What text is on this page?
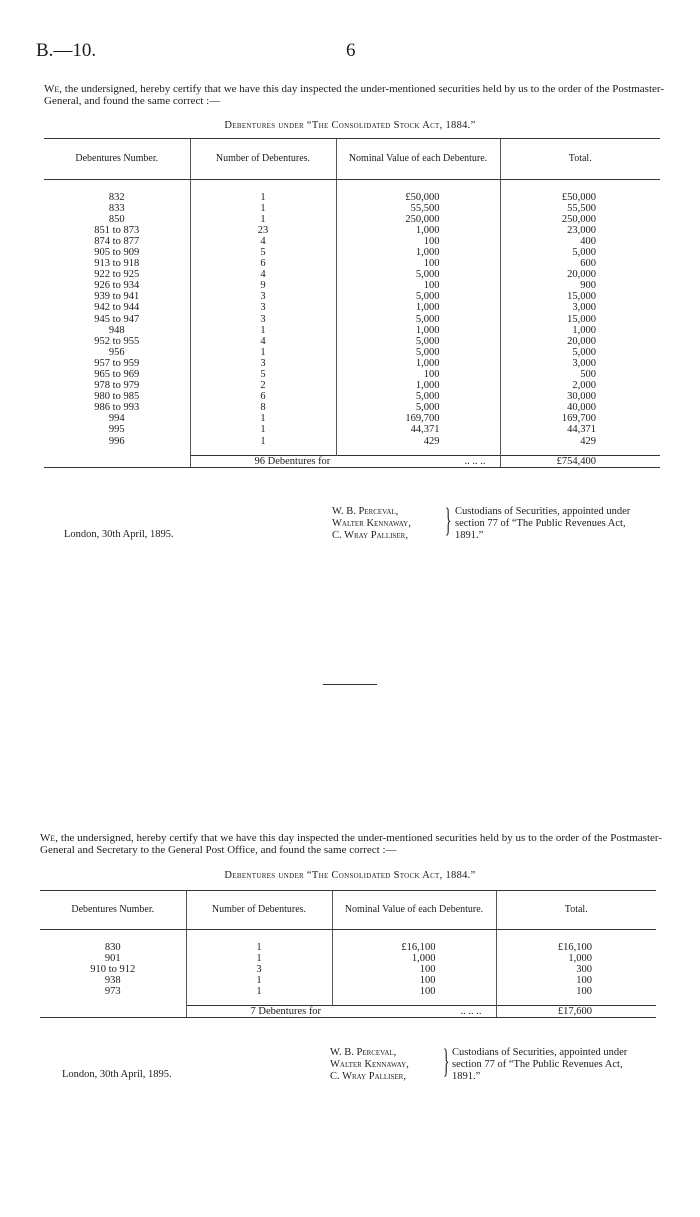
B.—10.	6
We, the undersigned, hereby certify that we have this day inspected the under-mentioned securities held by us to the order of the Postmaster-General, and found the same correct :—
Debentures under “The Consolidated Stock Act, 1884.”
Debentures Number.	Number of Debentures.	Nominal Value of each Debenture.	Total.
832	1	£50,000	£50,000
833	1	55,500	55,500
850	1	250,000	250,000
851 to 873	23	1,000	23,000
874 to 877	4	100	400
905 to 909	5	1,000	5,000
913 to 918	6	100	600
922 to 925	4	5,000	20,000
926 to 934	9	100	900
939 to 941	3	5,000	15,000
942 to 944	3	1,000	3,000
945 to 947	3	5,000	15,000
948	1	1,000	1,000
952 to 955	4	5,000	20,000
956	1	5,000	5,000
957 to 959	3	1,000	3,000
965 to 969	5	100	500
978 to 979	2	1,000	2,000
980 to 985	6	5,000	30,000
986 to 993	8	5,000	40,000
994	1	169,700	169,700
995	1	44,371	44,371
996	1	429	429
	96 Debentures for .. .. ..		£754,400
W. B. Perceval,
Walter Kennaway,
C. Wray Palliser, } Custodians of Securities, appointed under section 77 of “The Public Revenues Act, 1891.”
London, 30th April, 1895.
We, the undersigned, hereby certify that we have this day inspected the under-mentioned securities held by us to the order of the Postmaster-General and Secretary to the General Post Office, and found the same correct :—
Debentures under “The Consolidated Stock Act, 1884.”
Debentures Number.	Number of Debentures.	Nominal Value of each Debenture.	Total.
830	1	£16,100	£16,100
901	1	1,000	1,000
910 to 912	3	100	300
938	1	100	100
973	1	100	100
	7 Debentures for .. .. ..		£17,600
W. B. Perceval,
Walter Kennaway,
C. Wray Palliser, } Custodians of Securities, appointed under section 77 of “The Public Revenues Act, 1891.”
London, 30th April, 1895.
